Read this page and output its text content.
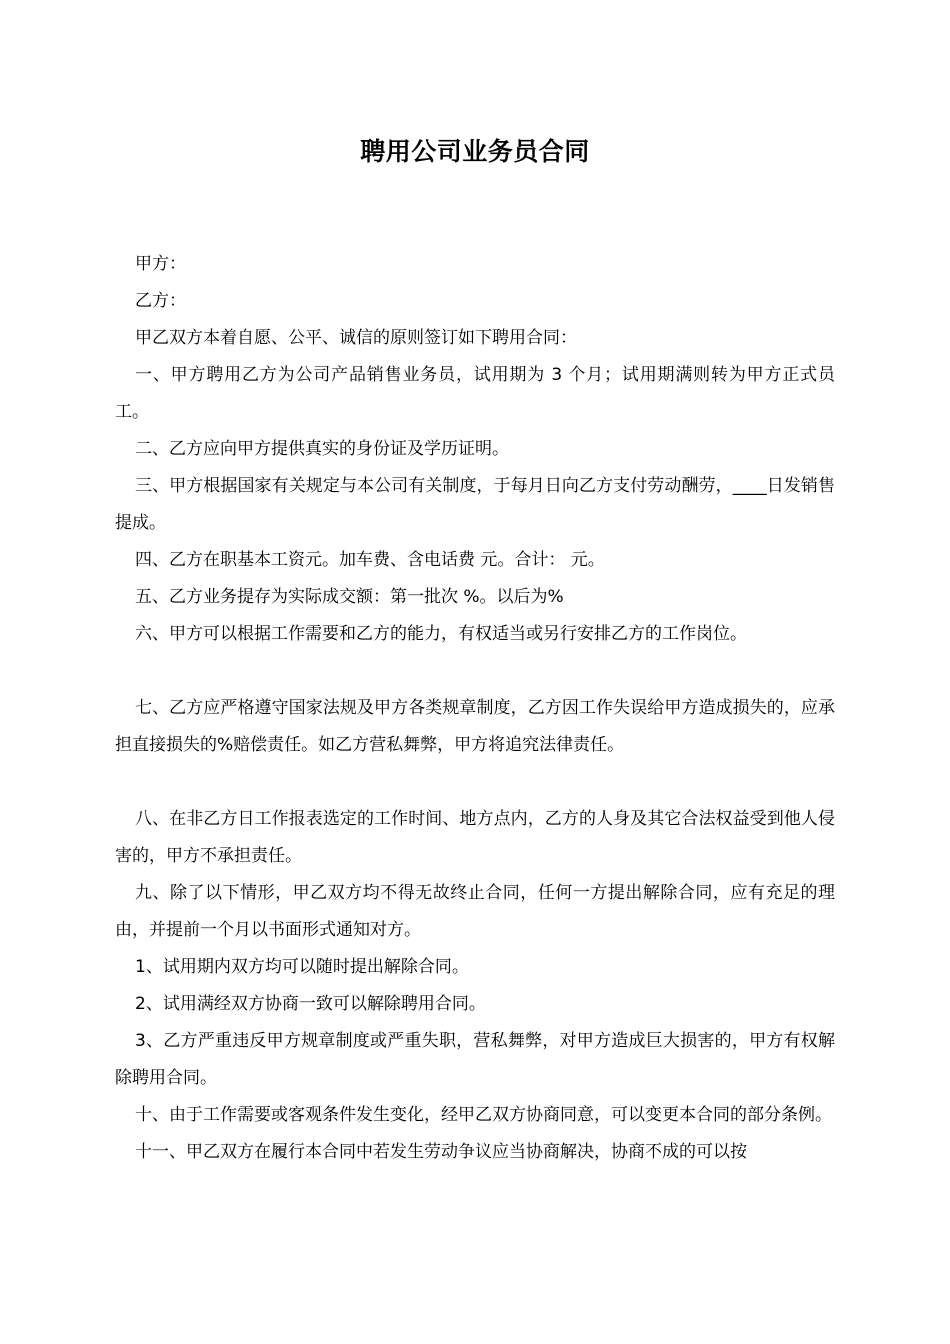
聘用公司业务员合同

甲方：

乙方：

甲乙双方本着自愿、公平、诚信的原则签订如下聘用合同：

一、甲方聘用乙方为公司产品销售业务员，试用期为 3 个月；试用期满则转为甲方正式员工。

二、乙方应向甲方提供真实的身份证及学历证明。

三、甲方根据国家有关规定与本公司有关制度，于每月日向乙方支付劳动酬劳，____日发销售提成。

四、乙方在职基本工资元。加车费、含电话费 元。合计： 元。

五、乙方业务提存为实际成交额：第一批次 %。以后为%

六、甲方可以根据工作需要和乙方的能力，有权适当或另行安排乙方的工作岗位。

七、乙方应严格遵守国家法规及甲方各类规章制度，乙方因工作失误给甲方造成损失的，应承担直接损失的%赔偿责任。如乙方营私舞弊，甲方将追究法律责任。

八、在非乙方日工作报表选定的工作时间、地方点内，乙方的人身及其它合法权益受到他人侵害的，甲方不承担责任。

九、除了以下情形，甲乙双方均不得无故终止合同，任何一方提出解除合同，应有充足的理由，并提前一个月以书面形式通知对方。

1、试用期内双方均可以随时提出解除合同。

2、试用满经双方协商一致可以解除聘用合同。

3、乙方严重违反甲方规章制度或严重失职，营私舞弊，对甲方造成巨大损害的，甲方有权解除聘用合同。

十、由于工作需要或客观条件发生变化，经甲乙双方协商同意，可以变更本合同的部分条例。

十一、甲乙双方在履行本合同中若发生劳动争议应当协商解决，协商不成的可以按
